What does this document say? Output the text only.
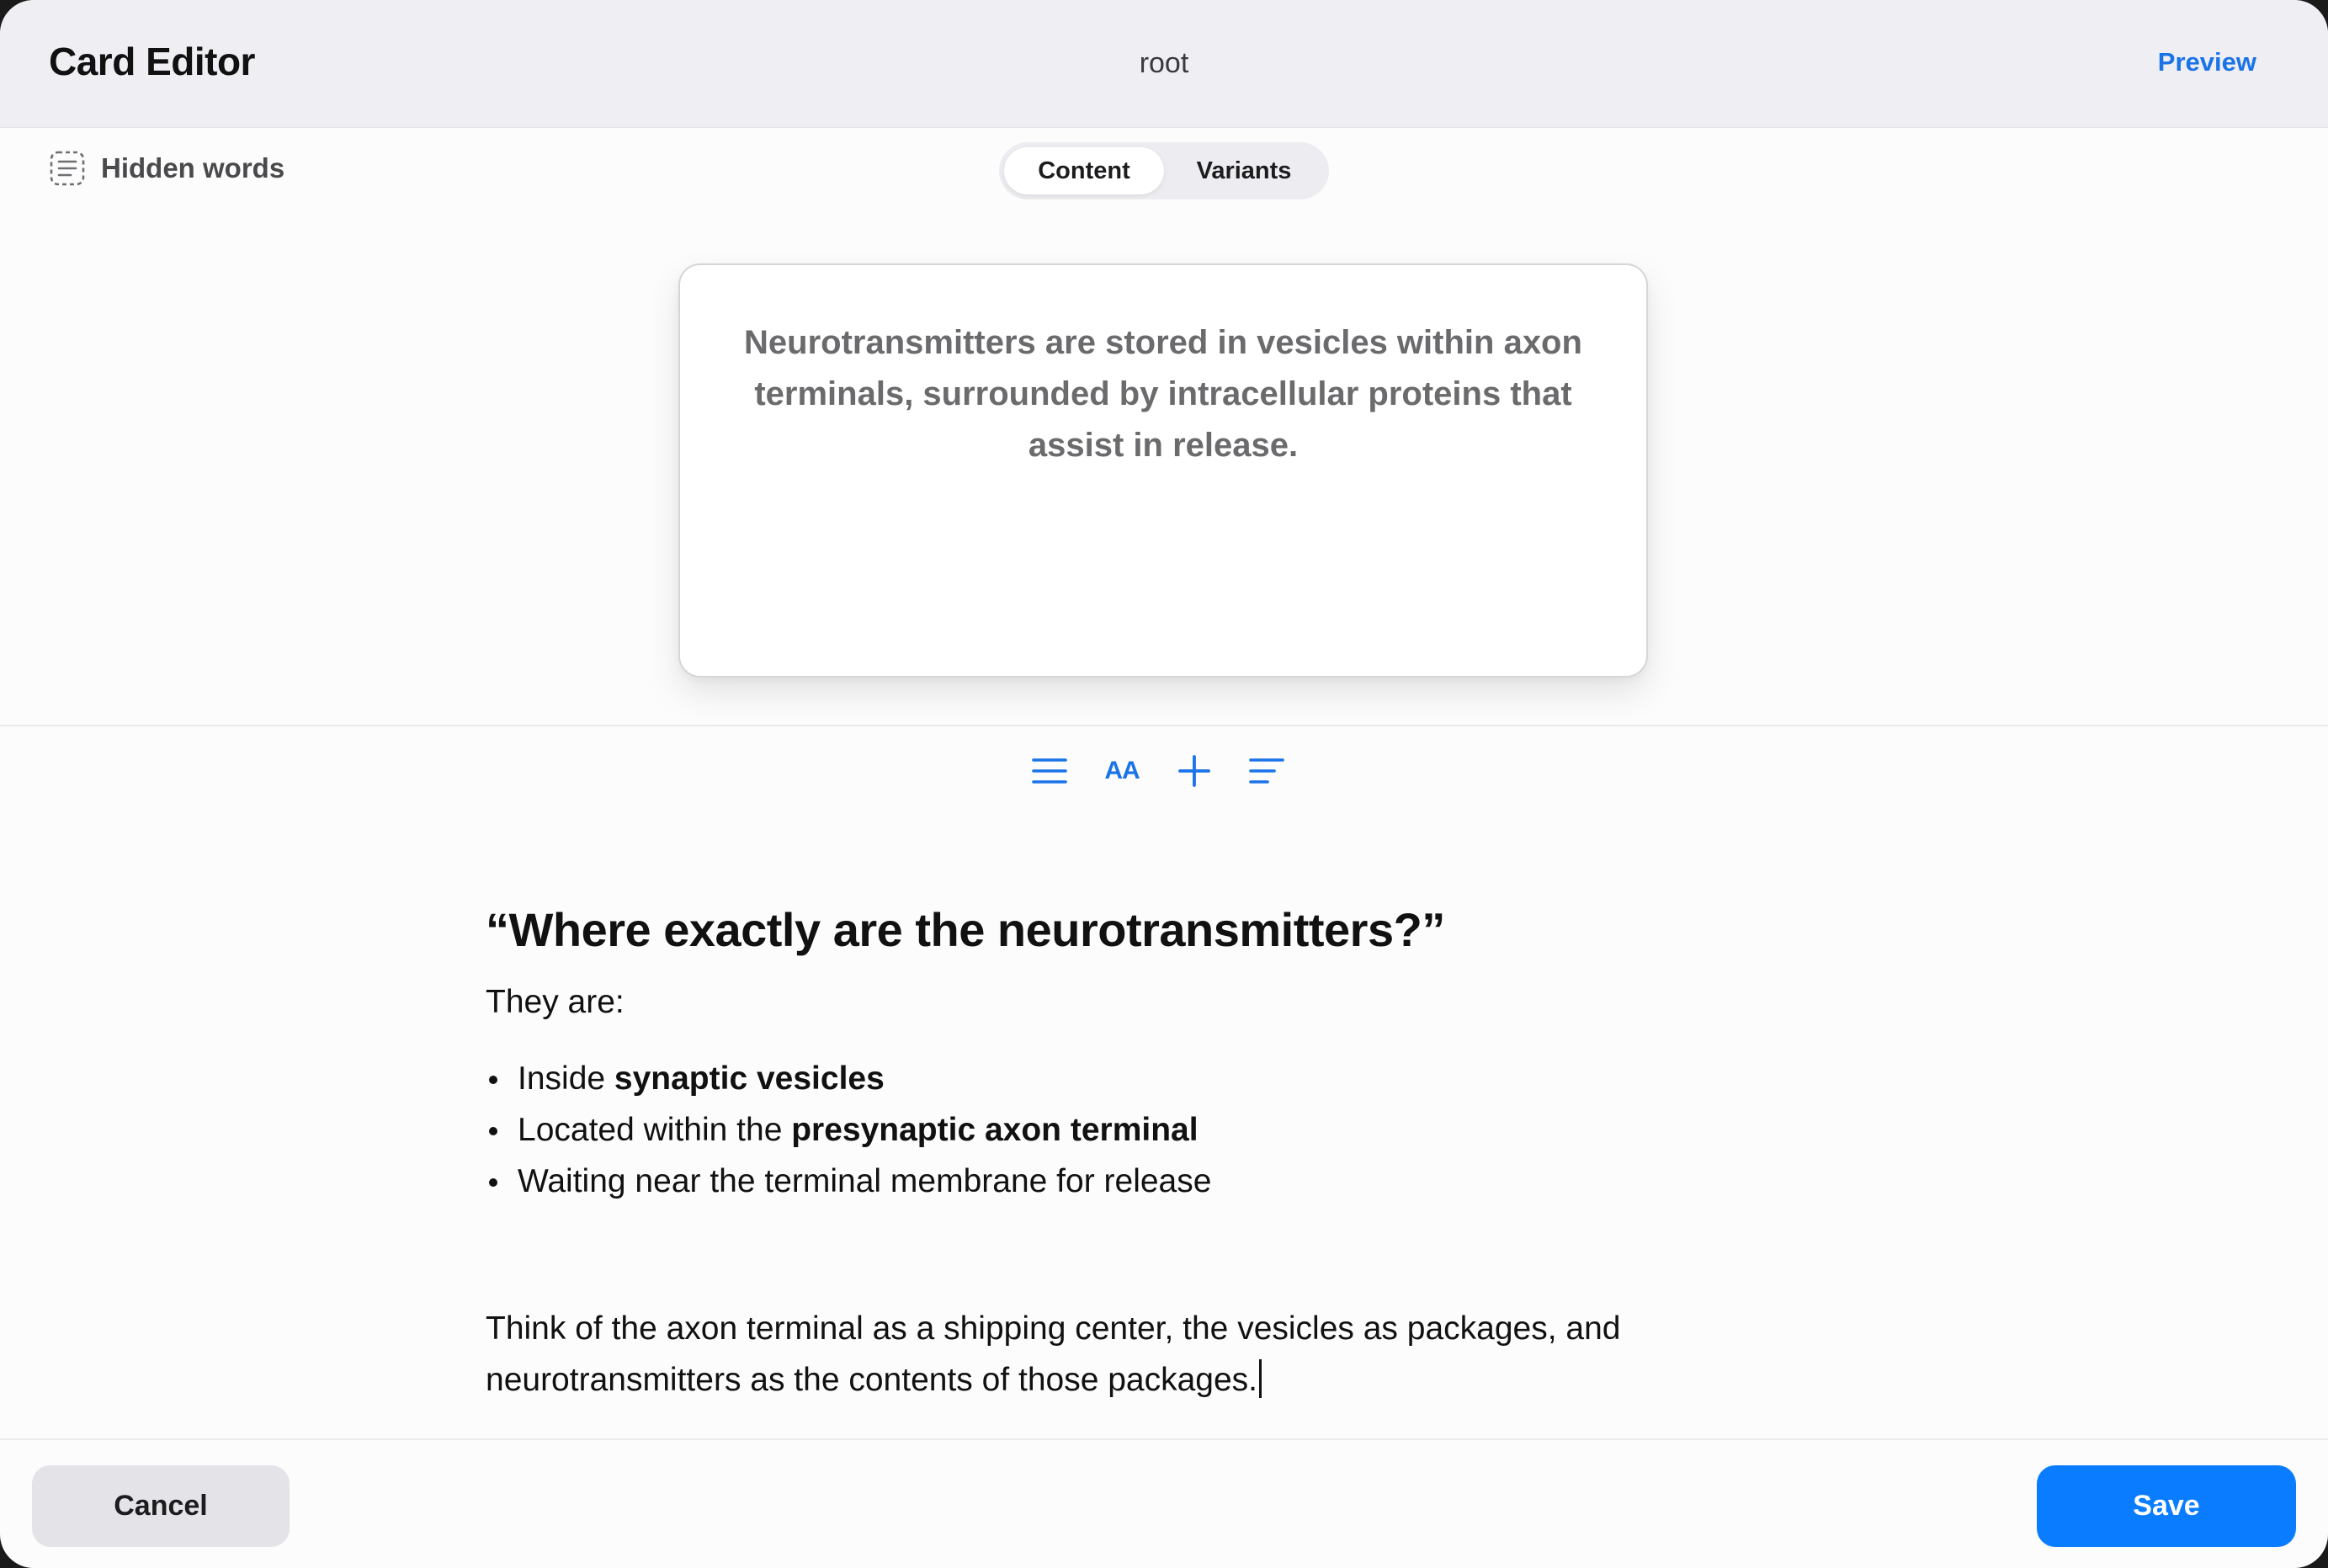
Card Editor	root	Preview
Hidden words	Content	Variants
Neurotransmitters are stored in vesicles within axon terminals, surrounded by intracellular proteins that assist in release.
AA
“Where exactly are the neurotransmitters?”
They are:
Inside synaptic vesicles
Located within the presynaptic axon terminal
Waiting near the terminal membrane for release
Think of the axon terminal as a shipping center, the vesicles as packages, and neurotransmitters as the contents of those packages.
Cancel	Save
